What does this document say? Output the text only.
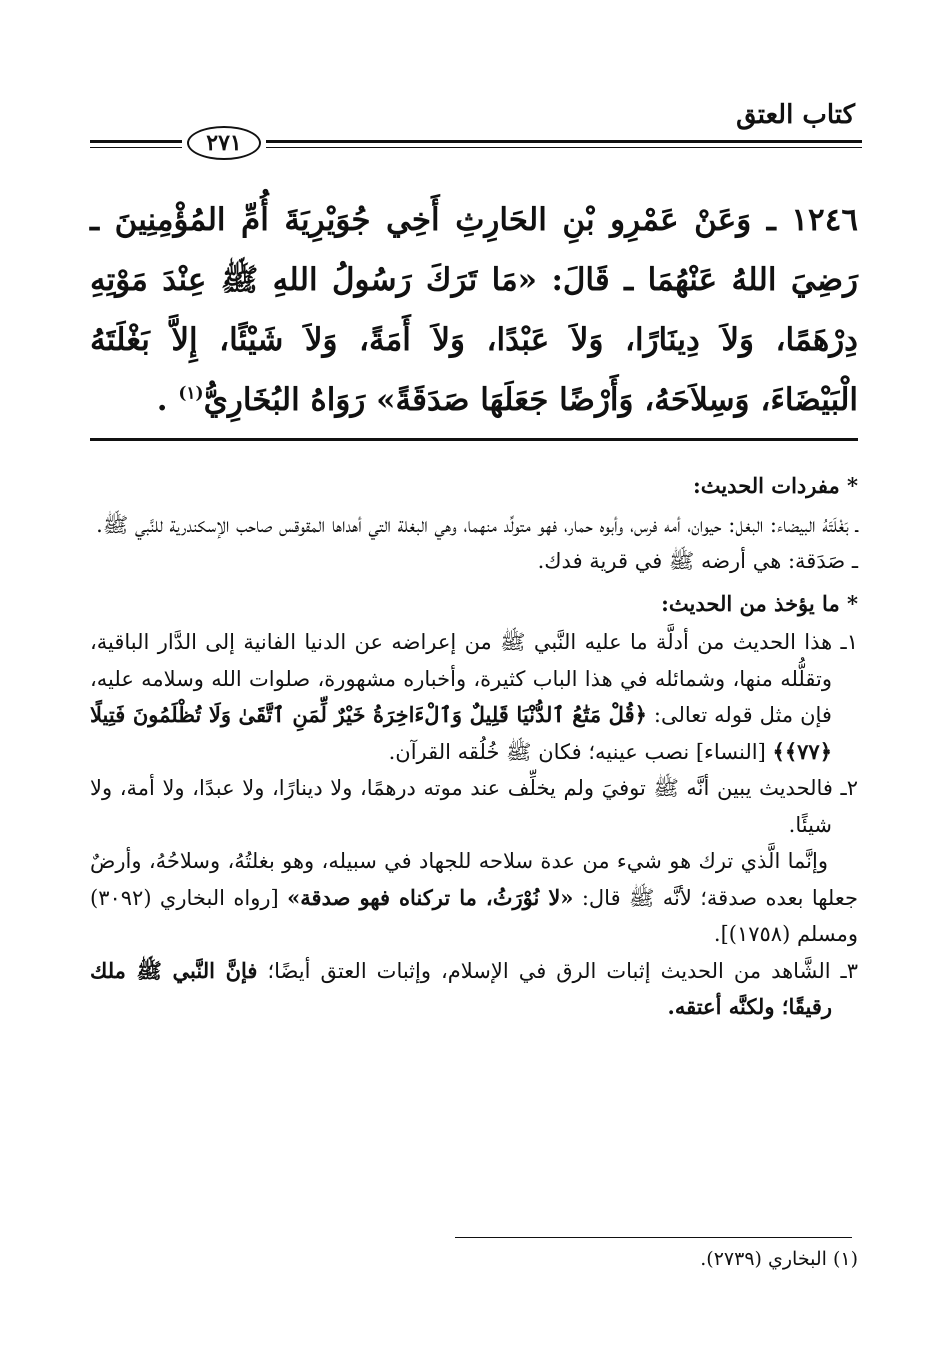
كتاب العتق
٢٧١
١٢٤٦ ـ وَعَنْ عَمْرِو بْنِ الحَارِثِ أَخِي جُوَيْرِيَةَ أُمِّ المُؤْمِنِينَ ـ رَضِيَ اللهُ عَنْهُمَا ـ قَالَ: «مَا تَرَكَ رَسُولُ اللهِ ﷺ عِنْدَ مَوْتِهِ دِرْهَمًا، وَلاَ دِينَارًا، وَلاَ عَبْدًا، وَلاَ أَمَةً، وَلاَ شَيْئًا، إِلاَّ بَغْلَتَهُ الْبَيْضَاءَ، وَسِلاَحَهُ، وَأَرْضًا جَعَلَهَا صَدَقَةً» رَوَاهُ البُخَارِيُّ$^{(١)}$ .

* مفردات الحديث:

ـ بَغْلَتَهُ البيضاء: البغل: حيوان، أمه فرس، وأبوه حمار، فهو متولِّد منهما، وهي البغلة التي أهداها المقوقس صاحب الإسكندرية للنَّبي ﷺ.

ـ صَدَقة: هي أرضه ﷺ في قرية فدك.

* ما يؤخذ من الحديث:

١ـ هذا الحديث من أدلَّة ما عليه النَّبي ﷺ من إعراضه عن الدنيا الفانية إلى الدَّار الباقية، وتقلُّله منها، وشمائله في هذا الباب كثيرة، وأخباره مشهورة، صلوات الله وسلامه عليه، فإن مثل قوله تعالى: ﴿قُلْ مَتَٰعُ ٱلدُّنْيَا قَلِيلٌ وَٱلْءَاخِرَةُ خَيْرٌ لِّمَنِ ٱتَّقَىٰ وَلَا تُظْلَمُونَ فَتِيلًا ﴿٧٧﴾﴾ [النساء] نصب عينيه؛ فكان ﷺ خُلُقه القرآن.

٢ـ فالحديث يبين أنَّه ﷺ توفيَ ولم يخلِّف عند موته درهمًا، ولا دينارًا، ولا عبدًا، ولا أمة، ولا شيئًا.

وإنَّما الَّذي ترك هو شيء من عدة سلاحه للجهاد في سبيله، وهو بغلتُهُ، وسلاحُهُ، وأرضٌ جعلها بعده صدقة؛ لأنَّه ﷺ قال: «لا نُوْرَثُ، ما تركناه فهو صدقة» [رواه البخاري (٣٠٩٢) ومسلم (١٧٥٨)].

٣ـ الشَّاهد من الحديث إثبات الرق في الإسلام، وإثبات العتق أيضًا؛ فإنَّ النَّبي ﷺ ملك رقيقًا؛ ولكنَّه أعتقه.

(١) البخاري (٢٧٣٩).
